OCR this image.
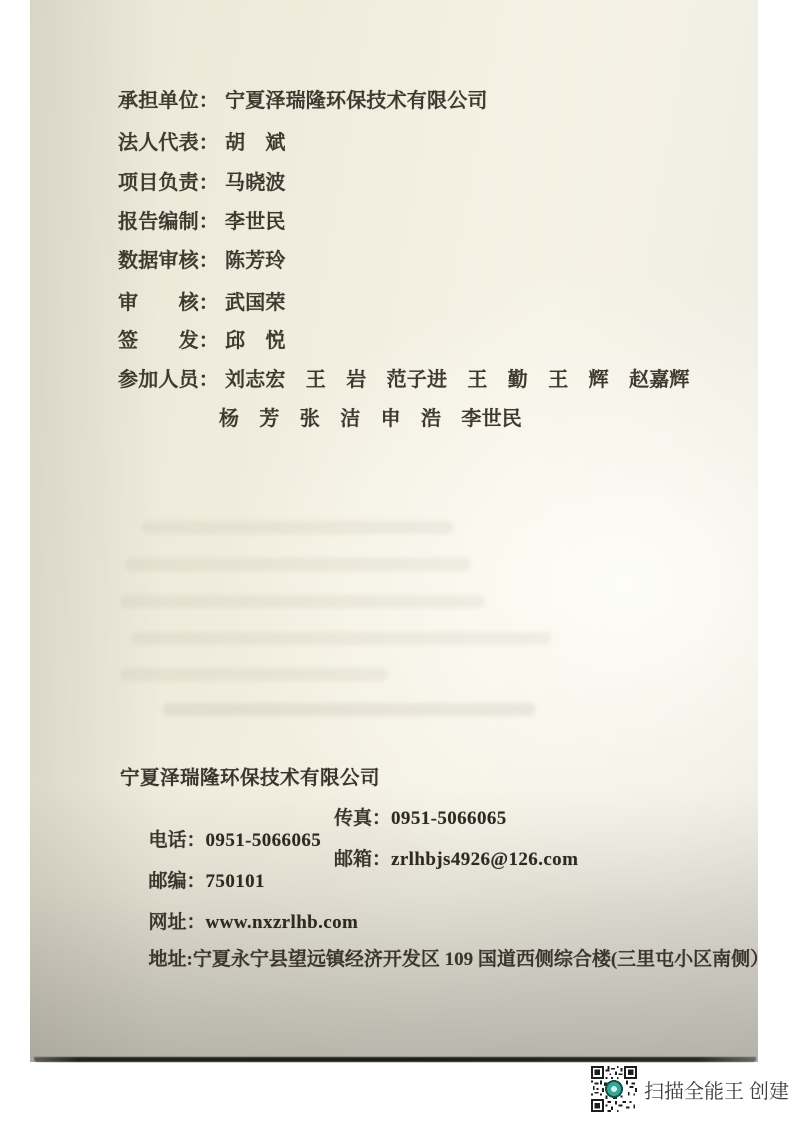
承担单位： 宁夏泽瑞隆环保技术有限公司
法人代表： 胡　斌
项目负责： 马晓波
报告编制： 李世民
数据审核： 陈芳玲
审　　核： 武国荣
签　　发： 邱　悦
参加人员： 刘志宏　王　岩　范子进　王　勤　王　辉　赵嘉辉
杨　芳　张　洁　申　浩　李世民
宁夏泽瑞隆环保技术有限公司

电话：0951-5066065

传真：0951-5066065

邮编：750101

邮箱：zrlhbjs4926@126.com

网址：www.nxzrlhb.com

地址:宁夏永宁县望远镇经济开发区 109 国道西侧综合楼(三里屯小区南侧）

扫描全能王 创建
